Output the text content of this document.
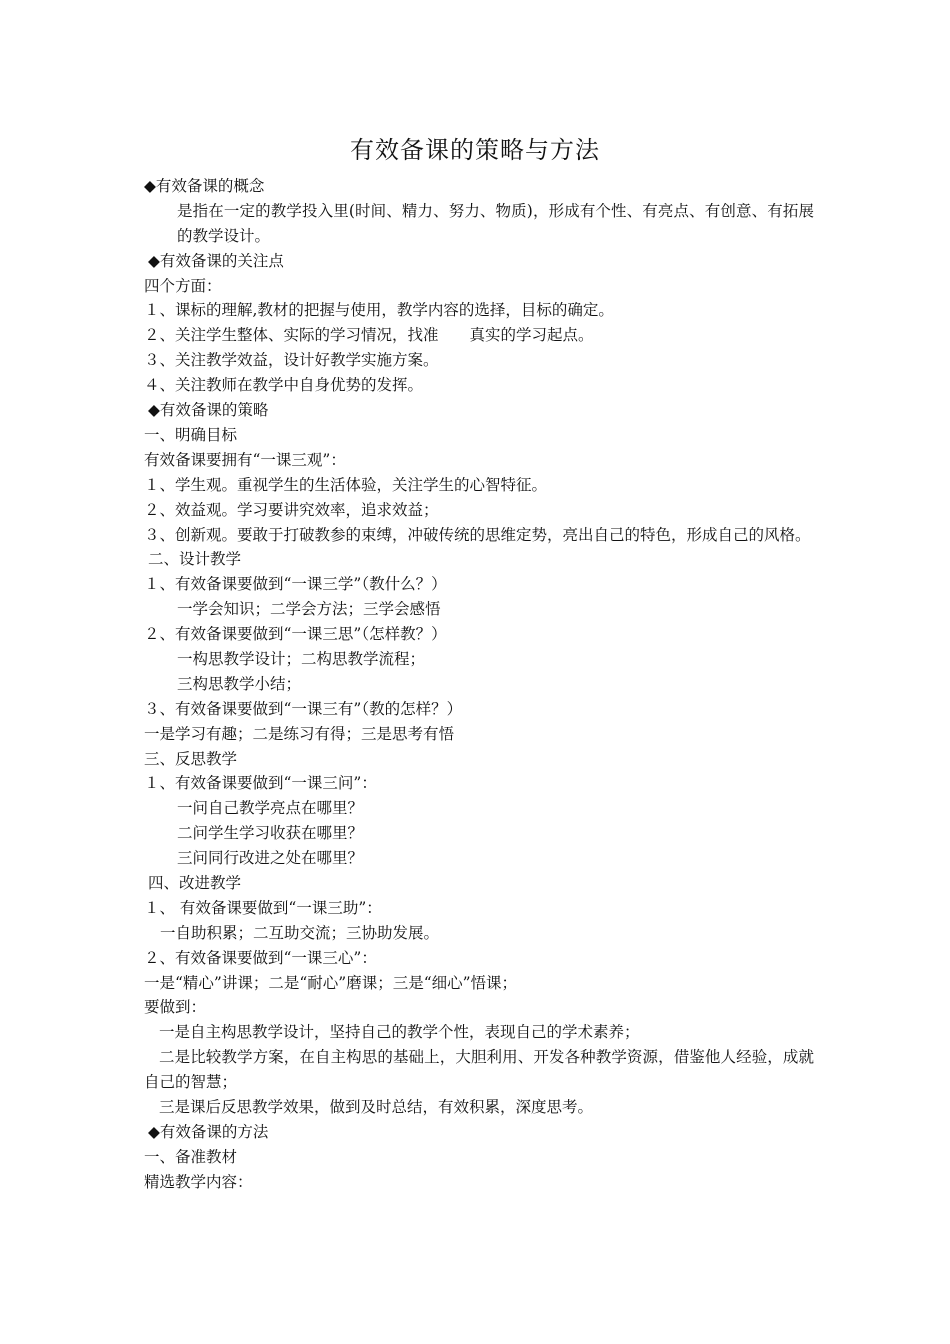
有效备课的策略与方法
◆有效备课的概念
是指在一定的教学投入里(时间、精力、努力、物质)，形成有个性、有亮点、有创意、有拓展的教学设计。
◆有效备课的关注点
四个方面：
１、课标的理解,教材的把握与使用，教学内容的选择，目标的确定。
２、关注学生整体、实际的学习情况，找准　　真实的学习起点。
３、关注教学效益，设计好教学实施方案。
４、关注教师在教学中自身优势的发挥。
◆有效备课的策略
一、明确目标
有效备课要拥有“一课三观”：
１、学生观。重视学生的生活体验，关注学生的心智特征。
２、效益观。学习要讲究效率，追求效益；
３、创新观。要敢于打破教参的束缚，冲破传统的思维定势，亮出自己的特色，形成自己的风格。
二、设计教学
１、有效备课要做到“一课三学”（教什么？）
一学会知识；二学会方法；三学会感悟
２、有效备课要做到“一课三思”（怎样教？）
一构思教学设计；二构思教学流程；
三构思教学小结；
３、有效备课要做到“一课三有”（教的怎样？）
一是学习有趣；二是练习有得；三是思考有悟
三、反思教学
１、有效备课要做到“一课三问”：
一问自己教学亮点在哪里？
二问学生学习收获在哪里？
三问同行改进之处在哪里？
四、改进教学
１、 有效备课要做到“一课三助”：
一自助积累；二互助交流；三协助发展。
２、有效备课要做到“一课三心”：
一是“精心”讲课；二是“耐心”磨课；三是“细心”悟课；
要做到：
一是自主构思教学设计，坚持自己的教学个性，表现自己的学术素养；
二是比较教学方案，在自主构思的基础上，大胆利用、开发各种教学资源，借鉴他人经验，成就自己的智慧；
三是课后反思教学效果，做到及时总结，有效积累，深度思考。
◆有效备课的方法
一、备准教材
精选教学内容：
